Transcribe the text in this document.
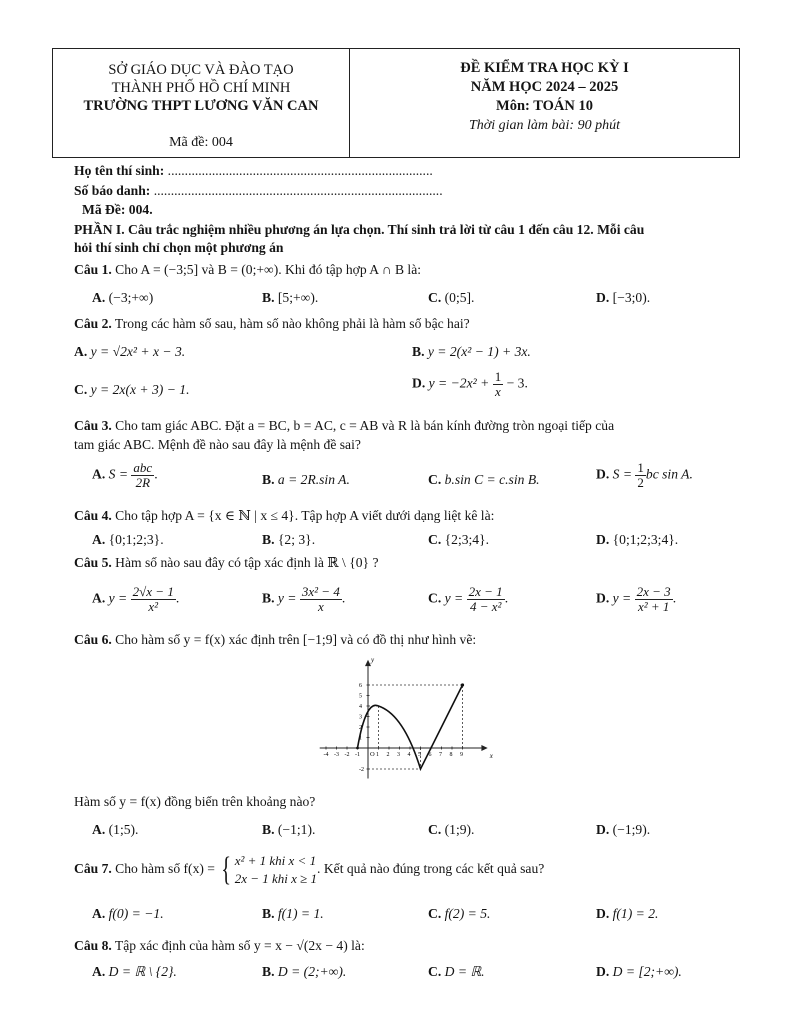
SỞ GIÁO DỤC VÀ ĐÀO TẠO
THÀNH PHỐ HỒ CHÍ MINH
TRƯỜNG THPT LƯƠNG VĂN CAN
Mã đề: 004
ĐỀ KIỂM TRA HỌC KỲ I
NĂM HỌC 2024 – 2025
Môn: TOÁN 10
Thời gian làm bài: 90 phút
Họ tên thí sinh: ..............................................................................
Số báo danh: .....................................................................................
Mã Đề: 004.
PHẦN I. Câu trắc nghiệm nhiều phương án lựa chọn. Thí sinh trả lời từ câu 1 đến câu 12. Mỗi câu
hỏi thí sinh chỉ chọn một phương án
Câu 1. Cho A = (−3;5] và B = (0;+∞). Khi đó tập hợp A ∩ B là:
A. (−3;+∞)	B. [5;+∞).	C. (0;5].	D. [−3;0).
Câu 2. Trong các hàm số sau, hàm số nào không phải là hàm số bậc hai?
A. y = √2x² + x − 3.	B. y = 2(x² − 1) + 3x.
C. y = 2x(x + 3) − 1.	D. $y = -2x^2 + \frac{1}{x} - 3$.
Câu 3. Cho tam giác ABC. Đặt a = BC, b = AC, c = AB và R là bán kính đường tròn ngoại tiếp của
tam giác ABC. Mệnh đề nào sau đây là mệnh đề sai?
A. $S = \frac{\text{abc}}{2R}$ .	B. a = 2R.sin A.	C. b.sin C = c.sin B.	D. $S = \frac{1}{2}$ bc sin A.
Câu 4. Cho tập hợp A = {x ∈ ℕ | x ≤ 4}. Tập hợp A viết dưới dạng liệt kê là:
A. {0;1;2;3}.	B. {2; 3}.	C. {2;3;4}.	D. {0;1;2;3;4}.
Câu 5. Hàm số nào sau đây có tập xác định là ℝ \ {0} ?
A. $y = \frac{2√x - 1}{\text{x²}}$ .	B. $y = \frac{\text{3x² − 4}}{x}$ .	C. $y = \frac{2x - 1}{\text{4 − x²}}$ .	D. $y = \frac{2x - 3}{\text{x² + 1}}$ .
Câu 6. Cho hàm số y = f(x) xác định trên [−1;9] và có đồ thị như hình vẽ:
x
y
O
-4 -3 -2 -1	1 2 3 4 5 6 7 8 9
6
5
4
3
2
1
-2
Hàm số y = f(x) đồng biến trên khoảng nào?
A. (1;5).	B. (−1;1).	C. (1;9).	D. (−1;9).
Câu 7. Cho hàm số f(x) = { x² + 1 khi x < 1
2x − 1 khi x ≥ 1
. Kết quả nào đúng trong các kết quả sau?
A. f(0) = −1.	B. f(1) = 1.	C. f(2) = 5.	D. f(1) = 2.
Câu 8. Tập xác định của hàm số y = x − √(2x − 4) là:
A. D = ℝ \ {2}.	B. D = (2;+∞).	C. D = ℝ.	D. D = [2;+∞).
